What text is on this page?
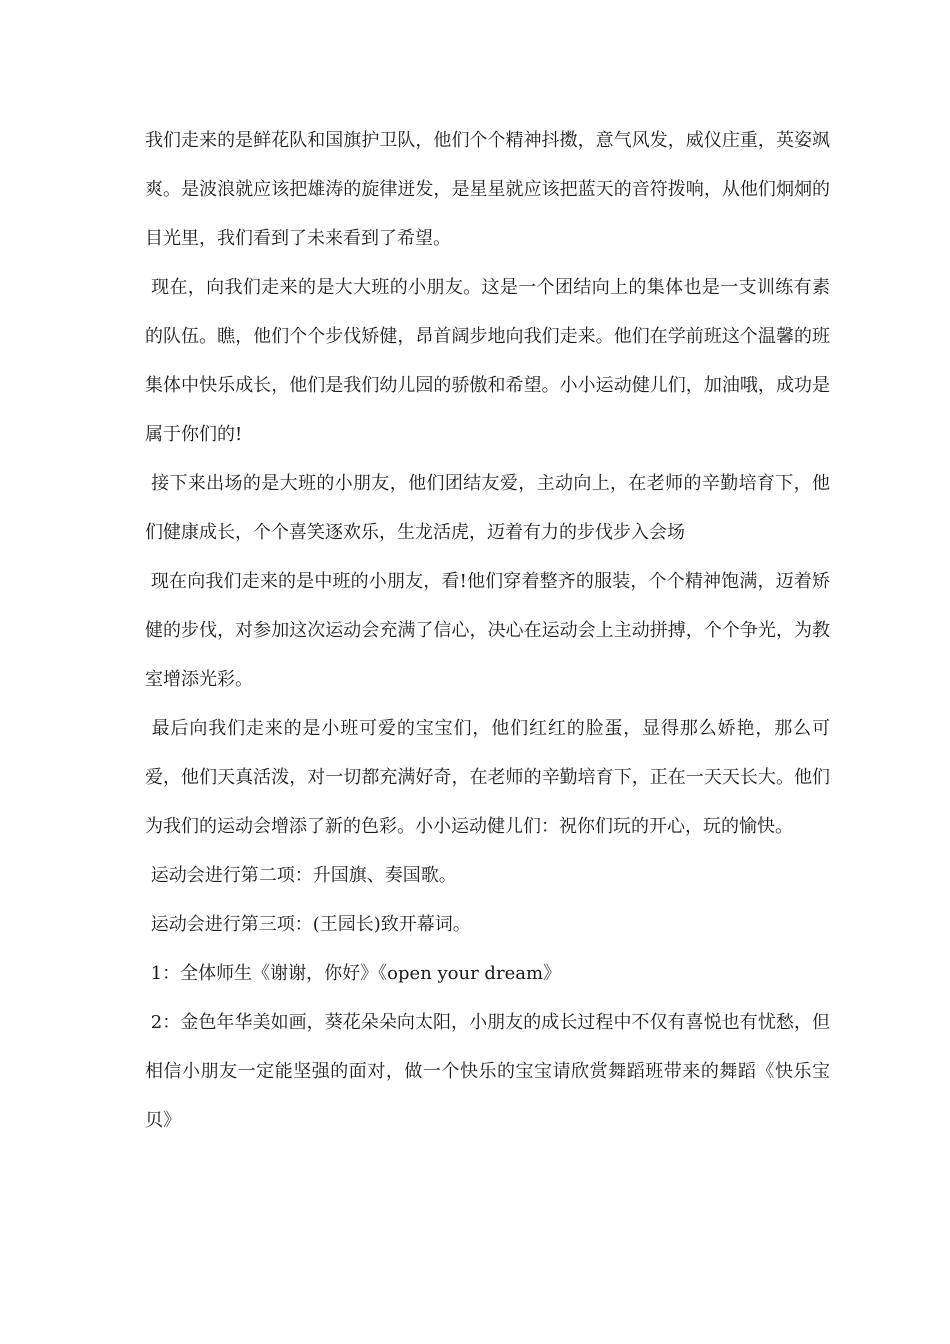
我们走来的是鲜花队和国旗护卫队，他们个个精神抖擞，意气风发，威仪庄重，英姿飒爽。是波浪就应该把雄涛的旋律迸发，是星星就应该把蓝天的音符拨响，从他们炯炯的目光里，我们看到了未来看到了希望。

现在，向我们走来的是大大班的小朋友。这是一个团结向上的集体也是一支训练有素的队伍。瞧，他们个个步伐矫健，昂首阔步地向我们走来。他们在学前班这个温馨的班集体中快乐成长，他们是我们幼儿园的骄傲和希望。小小运动健儿们，加油哦，成功是属于你们的!

接下来出场的是大班的小朋友，他们团结友爱，主动向上，在老师的辛勤培育下，他们健康成长，个个喜笑逐欢乐，生龙活虎，迈着有力的步伐步入会场

现在向我们走来的是中班的小朋友，看!他们穿着整齐的服装，个个精神饱满，迈着矫健的步伐，对参加这次运动会充满了信心，决心在运动会上主动拼搏，个个争光，为教室增添光彩。

最后向我们走来的是小班可爱的宝宝们，他们红红的脸蛋，显得那么娇艳，那么可爱，他们天真活泼，对一切都充满好奇，在老师的辛勤培育下，正在一天天长大。他们为我们的运动会增添了新的色彩。小小运动健儿们：祝你们玩的开心，玩的愉快。

运动会进行第二项：升国旗、奏国歌。

运动会进行第三项：(王园长)致开幕词。

1：全体师生《谢谢，你好》《open your dream》

2：金色年华美如画，葵花朵朵向太阳，小朋友的成长过程中不仅有喜悦也有忧愁，但相信小朋友一定能坚强的面对，做一个快乐的宝宝请欣赏舞蹈班带来的舞蹈《快乐宝贝》
